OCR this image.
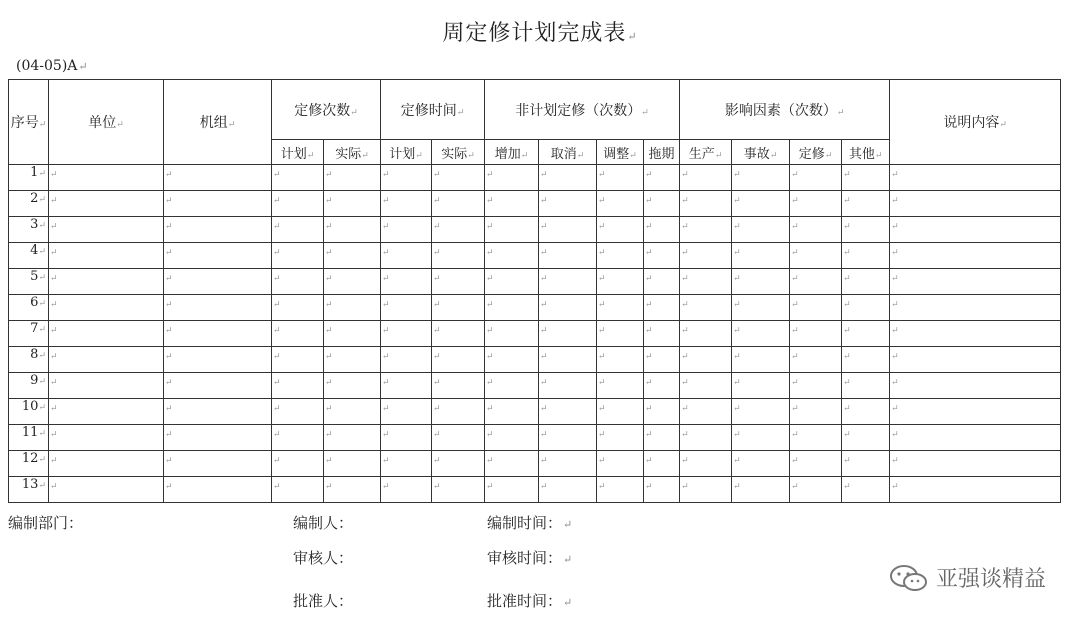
周定修计划完成表↵
(04-05)A↵
序号↵	单位↵	机组↵	定修次数↵		定修时间↵		非计划定修（次数）↵				影响因素（次数）↵				说明内容↵
			计划↵	实际↵	计划↵	实际↵	增加↵	取消↵	调整↵	拖期	生产↵	事故↵	定修↵	其他↵	
1↵	↵	↵	↵	↵	↵	↵	↵	↵	↵	↵	↵	↵	↵	↵	↵
2↵	↵	↵	↵	↵	↵	↵	↵	↵	↵	↵	↵	↵	↵	↵	↵
3↵	↵	↵	↵	↵	↵	↵	↵	↵	↵	↵	↵	↵	↵	↵	↵
4↵	↵	↵	↵	↵	↵	↵	↵	↵	↵	↵	↵	↵	↵	↵	↵
5↵	↵	↵	↵	↵	↵	↵	↵	↵	↵	↵	↵	↵	↵	↵	↵
6↵	↵	↵	↵	↵	↵	↵	↵	↵	↵	↵	↵	↵	↵	↵	↵
7↵	↵	↵	↵	↵	↵	↵	↵	↵	↵	↵	↵	↵	↵	↵	↵
8↵	↵	↵	↵	↵	↵	↵	↵	↵	↵	↵	↵	↵	↵	↵	↵
9↵	↵	↵	↵	↵	↵	↵	↵	↵	↵	↵	↵	↵	↵	↵	↵
10↵	↵	↵	↵	↵	↵	↵	↵	↵	↵	↵	↵	↵	↵	↵	↵
11↵	↵	↵	↵	↵	↵	↵	↵	↵	↵	↵	↵	↵	↵	↵	↵
12↵	↵	↵	↵	↵	↵	↵	↵	↵	↵	↵	↵	↵	↵	↵	↵
13↵	↵	↵	↵	↵	↵	↵	↵	↵	↵	↵	↵	↵	↵	↵	↵
编制部门：	编制人：	编制时间：↵
审核人：	审核时间：↵
批准人：	批准时间：↵
亚强谈精益
